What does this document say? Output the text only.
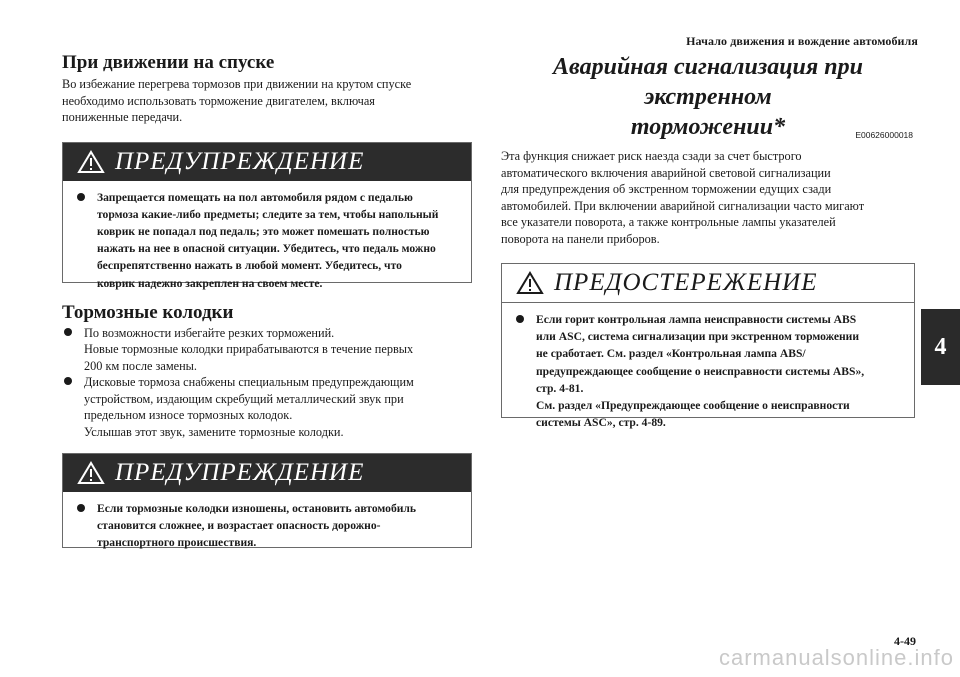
Начало движения и вождение автомобиля
При движении на спуске

Во избежание перегрева тормозов при движении на крутом спуске
необходимо использовать торможение двигателем, включая
пониженные передачи.

ПРЕДУПРЕЖДЕНИЕ
Запрещается помещать на пол автомобиля рядом с педалью
тормоза какие-либо предметы; следите за тем, чтобы напольный
коврик не попадал под педаль; это может помешать полностью
нажать на нее в опасной ситуации. Убедитесь, что педаль можно
беспрепятственно нажать в любой момент. Убедитесь, что
коврик надежно закреплен на своем месте.
Тормозные колодки
По возможности избегайте резких торможений.
Новые тормозные колодки прирабатываются в течение первых
200 км после замены.
Дисковые тормоза снабжены специальным предупреждающим
устройством, издающим скребущий металлический звук при
предельном износе тормозных колодок.
Услышав этот звук, замените тормозные колодки.
ПРЕДУПРЕЖДЕНИЕ
Если тормозные колодки изношены, остановить автомобиль
становится сложнее, и возрастает опасность дорожно-
транспортного происшествия.

Аварийная сигнализация при экстренном
торможении*	E00626000018

Эта функция снижает риск наезда сзади за счет быстрого
автоматического включения аварийной световой сигнализации
для предупреждения об экстренном торможении едущих сзади
автомобилей. При включении аварийной сигнализации часто мигают
все указатели поворота, а также контрольные лампы указателей
поворота на панели приборов.

ПРЕДОСТЕРЕЖЕНИЕ
Если горит контрольная лампа неисправности системы ABS
или ASC, система сигнализации при экстренном торможении
не сработает. См. раздел «Контрольная лампа ABS/
предупреждающее сообщение о неисправности системы ABS»,
стр. 4-81.
См. раздел «Предупреждающее сообщение о неисправности
системы ASC», стр. 4-89.
4
4-49
carmanualsonline.info
